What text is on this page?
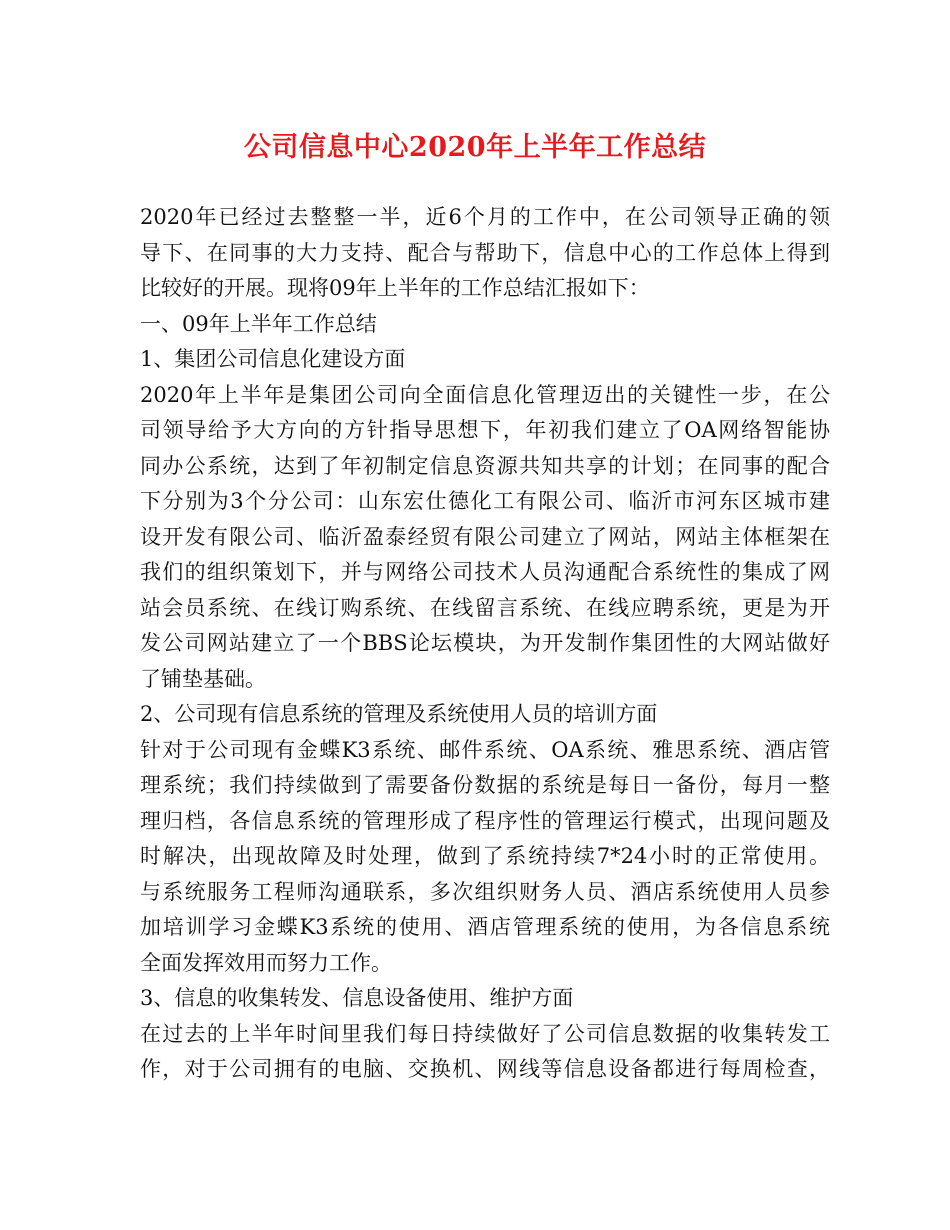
公司信息中心2020年上半年工作总结
2020年已经过去整整一半，近6个月的工作中，在公司领导正确的领
导下、在同事的大力支持、配合与帮助下，信息中心的工作总体上得到
比较好的开展。现将09年上半年的工作总结汇报如下：
一、09年上半年工作总结
1、集团公司信息化建设方面
2020年上半年是集团公司向全面信息化管理迈出的关键性一步，在公
司领导给予大方向的方针指导思想下，年初我们建立了OA网络智能协
同办公系统，达到了年初制定信息资源共知共享的计划；在同事的配合
下分别为3个分公司：山东宏仕德化工有限公司、临沂市河东区城市建
设开发有限公司、临沂盈泰经贸有限公司建立了网站，网站主体框架在
我们的组织策划下，并与网络公司技术人员沟通配合系统性的集成了网
站会员系统、在线订购系统、在线留言系统、在线应聘系统，更是为开
发公司网站建立了一个BBS论坛模块，为开发制作集团性的大网站做好
了铺垫基础。
2、公司现有信息系统的管理及系统使用人员的培训方面
针对于公司现有金蝶K3系统、邮件系统、OA系统、雅思系统、酒店管
理系统；我们持续做到了需要备份数据的系统是每日一备份，每月一整
理归档，各信息系统的管理形成了程序性的管理运行模式，出现问题及
时解决，出现故障及时处理，做到了系统持续7*24小时的正常使用。
与系统服务工程师沟通联系，多次组织财务人员、酒店系统使用人员参
加培训学习金蝶K3系统的使用、酒店管理系统的使用，为各信息系统
全面发挥效用而努力工作。
3、信息的收集转发、信息设备使用、维护方面
在过去的上半年时间里我们每日持续做好了公司信息数据的收集转发工
作，对于公司拥有的电脑、交换机、网线等信息设备都进行每周检查，
